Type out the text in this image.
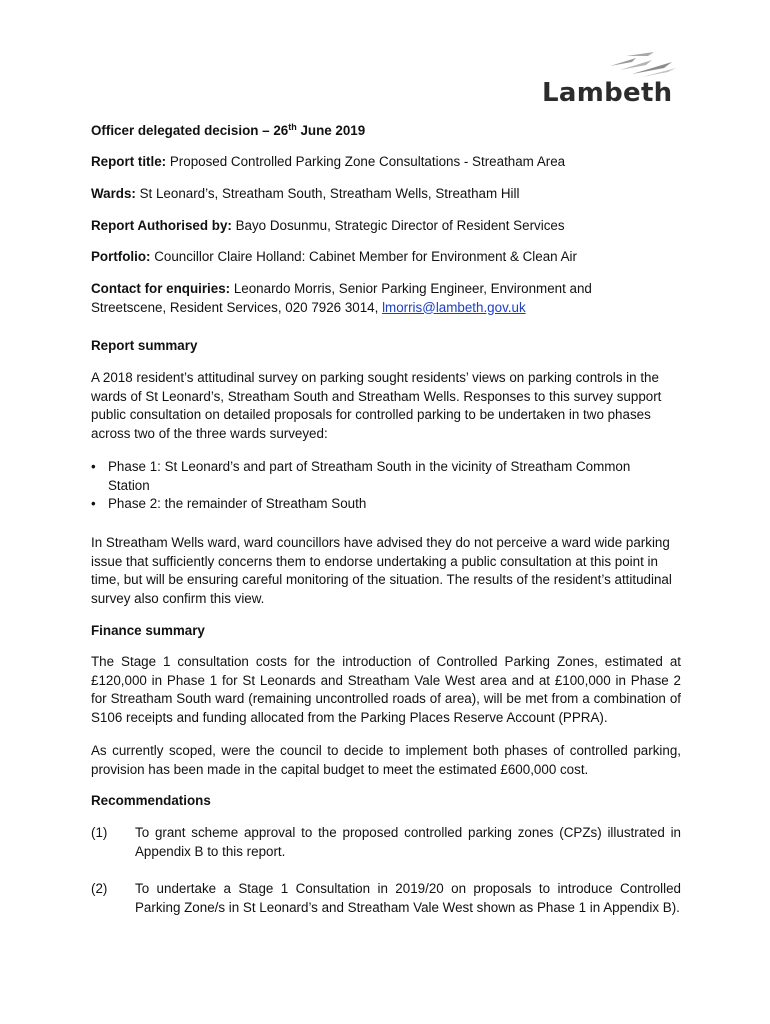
Lambeth

Officer delegated decision – 26th June 2019

Report title: Proposed Controlled Parking Zone Consultations - Streatham Area

Wards: St Leonard’s, Streatham South, Streatham Wells, Streatham Hill

Report Authorised by: Bayo Dosunmu, Strategic Director of Resident Services

Portfolio: Councillor Claire Holland: Cabinet Member for Environment & Clean Air

Contact for enquiries: Leonardo Morris, Senior Parking Engineer, Environment and Streetscene, Resident Services, 020 7926 3014, lmorris@lambeth.gov.uk

Report summary

A 2018 resident’s attitudinal survey on parking sought residents’ views on parking controls in the wards of St Leonard’s, Streatham South and Streatham Wells. Responses to this survey support public consultation on detailed proposals for controlled parking to be undertaken in two phases across two of the three wards surveyed:

• Phase 1: St Leonard’s and part of Streatham South in the vicinity of Streatham Common Station
• Phase 2: the remainder of Streatham South

In Streatham Wells ward, ward councillors have advised they do not perceive a ward wide parking issue that sufficiently concerns them to endorse undertaking a public consultation at this point in time, but will be ensuring careful monitoring of the situation. The results of the resident’s attitudinal survey also confirm this view.

Finance summary

The Stage 1 consultation costs for the introduction of Controlled Parking Zones, estimated at £120,000 in Phase 1 for St Leonards and Streatham Vale West area and at £100,000 in Phase 2 for Streatham South ward (remaining uncontrolled roads of area), will be met from a combination of S106 receipts and funding allocated from the Parking Places Reserve Account (PPRA).

As currently scoped, were the council to decide to implement both phases of controlled parking, provision has been made in the capital budget to meet the estimated £600,000 cost.

Recommendations

(1) To grant scheme approval to the proposed controlled parking zones (CPZs) illustrated in Appendix B to this report.
(2) To undertake a Stage 1 Consultation in 2019/20 on proposals to introduce Controlled Parking Zone/s in St Leonard’s and Streatham Vale West shown as Phase 1 in Appendix B).
